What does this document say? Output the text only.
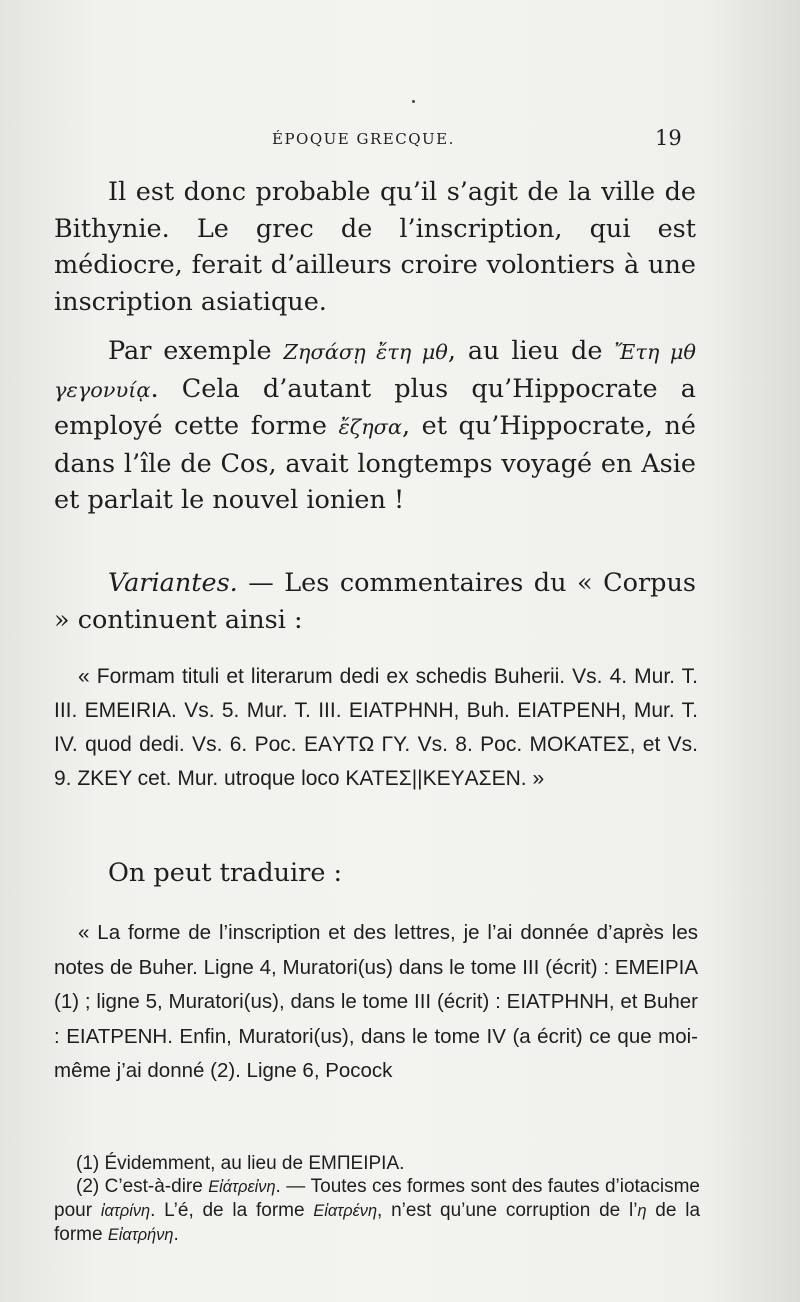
ÉPOQUE GRECQUE.	19

Il est donc probable qu’il s’agit de la ville de Bithynie. Le grec de l’inscription, qui est médiocre, ferait d’ailleurs croire volontiers à une inscription asiatique.

Par exemple Ζησάσῃ ἔτη μθ, au lieu de Ἔτη μθ γεγονυίᾳ. Cela d’autant plus qu’Hippocrate a employé cette forme ἔζησα, et qu’Hippocrate, né dans l’île de Cos, avait longtemps voyagé en Asie et parlait le nouvel ionien !

Variantes. — Les commentaires du « Corpus » continuent ainsi :

« Formam tituli et literarum dedi ex schedis Buherii. Vs. 4. Mur. T. III. EMEIRIA. Vs. 5. Mur. T. III. EIATPHNH, Buh. EIATPENH, Mur. T. IV. quod dedi. Vs. 6. Poc. EAΥΤΩ ΓΥ. Vs. 8. Poc. MOKATEΣ, et Vs. 9. ZKEΥ cet. Mur. utroque loco KATEΣ||KEΥAΣEN. »

On peut traduire :

« La forme de l’inscription et des lettres, je l’ai donnée d’après les notes de Buher. Ligne 4, Muratori(us) dans le tome III (écrit) : EMEIPIA (1) ; ligne 5, Muratori(us), dans le tome III (écrit) : EIATPHNH, et Buher : EIATPENH. Enfin, Muratori(us), dans le tome IV (a écrit) ce que moi-même j’ai donné (2). Ligne 6, Pocock

(1) Évidemment, au lieu de ΕΜΠΕΙΡΙΑ.

(2) C’est-à-dire Εἰάτρεἰνη. — Toutes ces formes sont des fautes d’iotacisme pour ἰατρίνη. L’é, de la forme Εἰατρένη, n’est qu’une corruption de l’η de la forme Εἰατρήνη.
